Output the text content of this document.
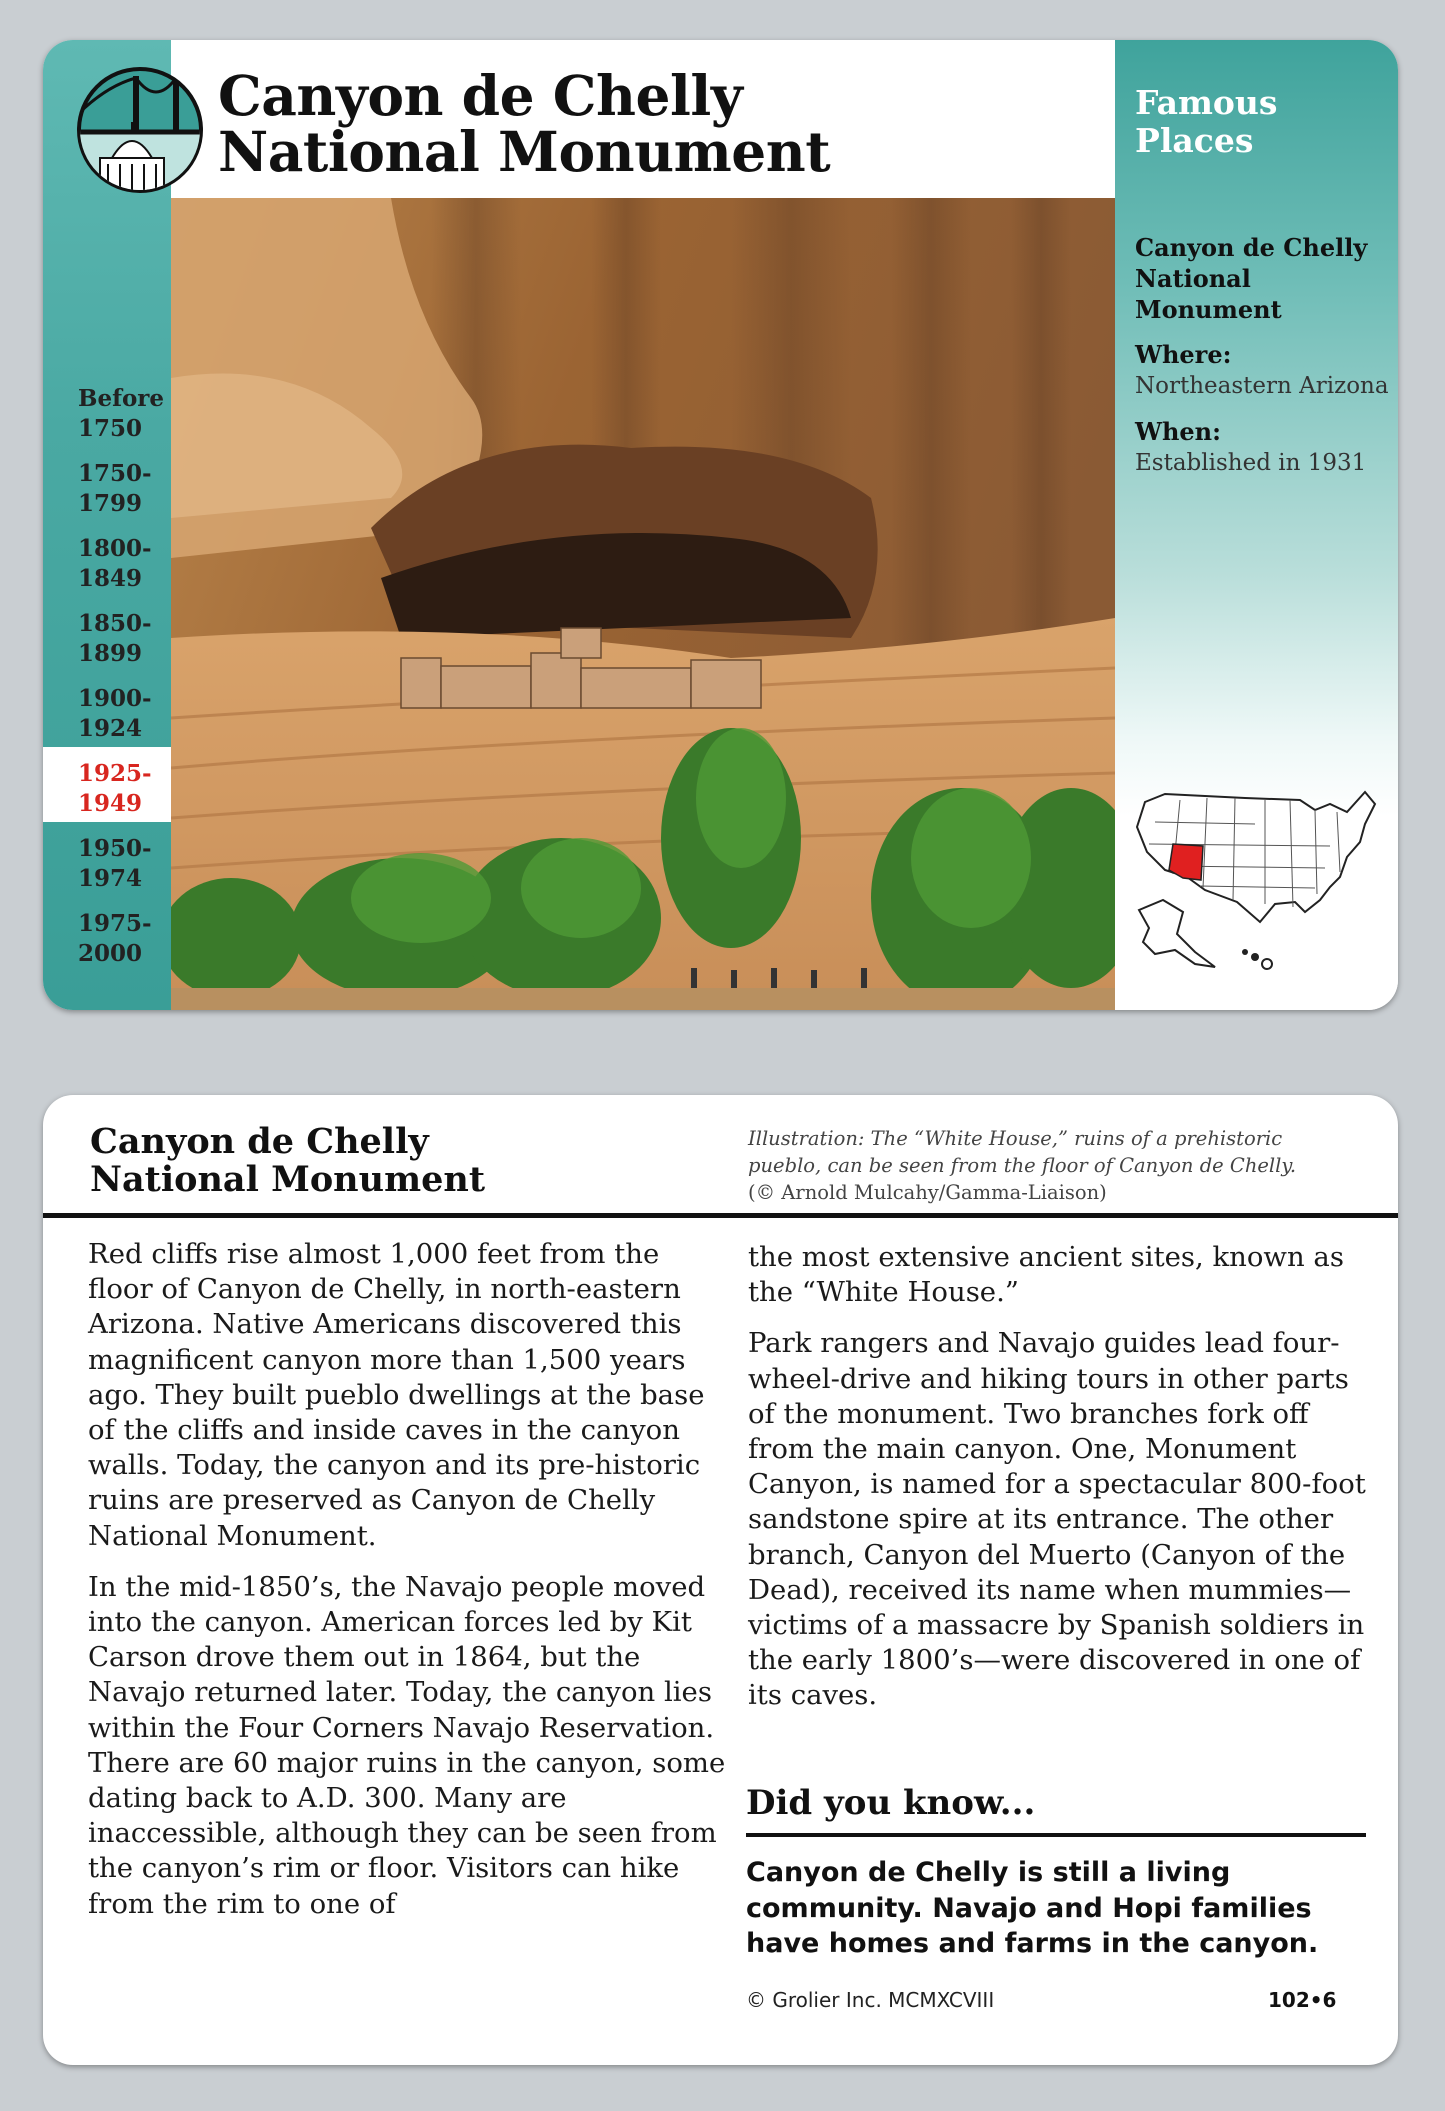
Famous
Places
Canyon de Chelly National Monument
Where:
Northeastern Arizona
When:
Established in 1931
Canyon de Chelly
National Monument
Before 1750
1750- 1799
1800- 1849
1850- 1899
1900- 1924
1925- 1949
1950- 1974
1975- 2000
Canyon de Chelly
National Monument
Illustration: The “White House,” ruins of a prehistoric
pueblo, can be seen from the floor of Canyon de Chelly.
(© Arnold Mulcahy/Gamma-Liaison)

Red cliffs rise almost 1,000 feet from the floor of Canyon de Chelly, in north-eastern Arizona. Native Americans discovered this magnificent canyon more than 1,500 years ago. They built pueblo dwellings at the base of the cliffs and inside caves in the canyon walls. Today, the canyon and its pre-historic ruins are preserved as Canyon de Chelly National Monument.

In the mid-1850’s, the Navajo people moved into the canyon. American forces led by Kit Carson drove them out in 1864, but the Navajo returned later. Today, the canyon lies within the Four Corners Navajo Reservation. There are 60 major ruins in the canyon, some dating back to A.D. 300. Many are inaccessible, although they can be seen from the canyon’s rim or floor. Visitors can hike from the rim to one of

the most extensive ancient sites, known as the “White House.”

Park rangers and Navajo guides lead four-wheel-drive and hiking tours in other parts of the monument. Two branches fork off from the main canyon. One, Monument Canyon, is named for a spectacular 800-foot sandstone spire at its entrance. The other branch, Canyon del Muerto (Canyon of the Dead), received its name when mummies—victims of a massacre by Spanish soldiers in the early 1800’s—were discovered in one of its caves.

Did you know...
Canyon de Chelly is still a living community. Navajo and Hopi families have homes and farms in the canyon.
© Grolier Inc. MCMXCVIII	102•6
